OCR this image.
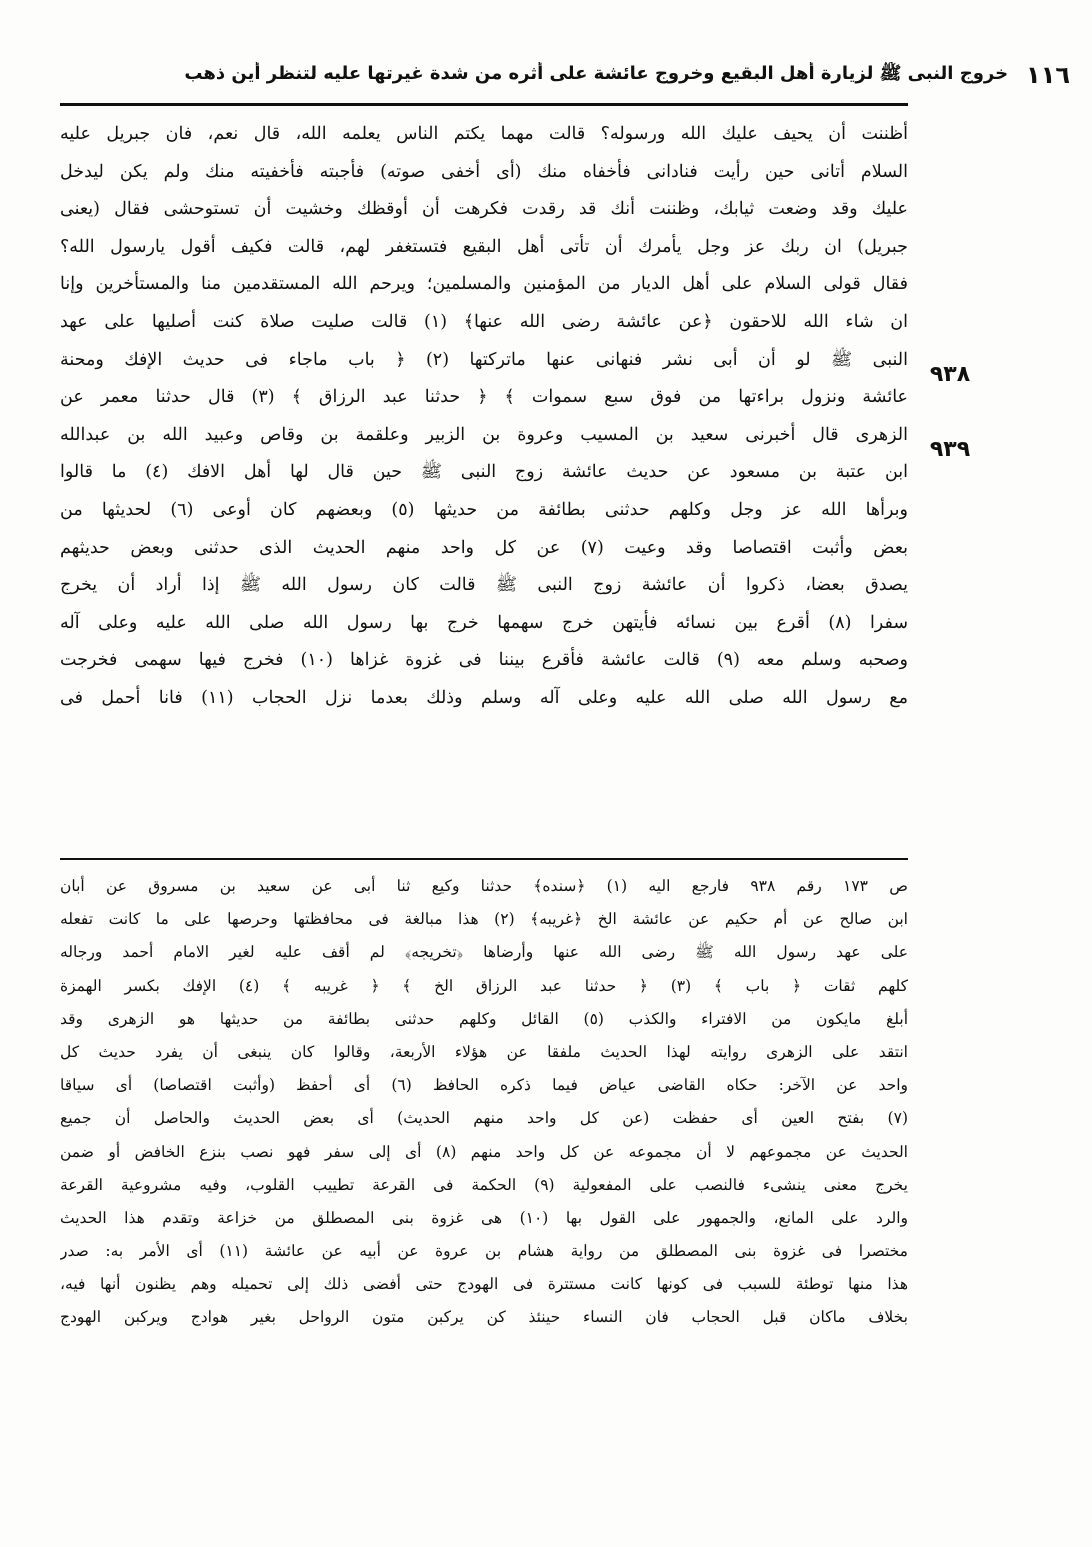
١١٦
خروج النبى ﷺ لزيارة أهل البقيع وخروج عائشة على أثره من شدة غيرتها عليه لتنظر أين ذهب
٩٣٨
٩٣٩
أظننت أن يحيف عليك الله ورسوله؟ قالت مهما يكتم الناس يعلمه الله، قال نعم، فان جبريل عليه
السلام أتانى حين رأيت فنادانى فأخفاه منك (أى أخفى صوته) فأجبته فأخفيته منك ولم يكن ليدخل
عليك وقد وضعت ثيابك، وظننت أنك قد رقدت فكرهت أن أوقظك وخشيت أن تستوحشى فقال (يعنى
جبريل) ان ربك عز وجل يأمرك أن تأتى أهل البقيع فتستغفر لهم، قالت فكيف أقول يارسول الله؟
فقال قولى السلام على أهل الديار من المؤمنين والمسلمين؛ ويرحم الله المستقدمين منا والمستأخرين وإنا
ان شاء الله للاحقون ﴿عن عائشة رضى الله عنها﴾ (١) قالت صليت صلاة كنت أصليها على عهد
النبى ﷺ لو أن أبى نشر فنهانى عنها ماتركتها (٢) ﴿ باب ماجاء فى حديث الإفك ومحنة
عائشة ونزول براءتها من فوق سبع سموات ﴾ ﴿ حدثنا عبد الرزاق ﴾ (٣) قال حدثنا معمر عن
الزهرى قال أخبرنى سعيد بن المسيب وعروة بن الزبير وعلقمة بن وقاص وعبيد الله بن عبدالله
ابن عتبة بن مسعود عن حديث عائشة زوج النبى ﷺ حين قال لها أهل الافك (٤) ما قالوا
وبرأها الله عز وجل وكلهم حدثنى بطائفة من حديثها (٥) وبعضهم كان أوعى (٦) لحديثها من
بعض وأثبت اقتصاصا وقد وعيت (٧) عن كل واحد منهم الحديث الذى حدثنى وبعض حديثهم
يصدق بعضا، ذكروا أن عائشة زوج النبى ﷺ قالت كان رسول الله ﷺ إذا أراد أن يخرج
سفرا (٨) أقرع بين نسائه فأيتهن خرج سهمها خرج بها رسول الله صلى الله عليه وعلى آله
وصحبه وسلم معه (٩) قالت عائشة فأقرع بيننا فى غزوة غزاها (١٠) فخرج فيها سهمى فخرجت
مع رسول الله صلى الله عليه وعلى آله وسلم وذلك بعدما نزل الحجاب (١١) فانا أحمل فى
ص ١٧٣ رقم ٩٣٨ فارجع اليه (١) ﴿سنده﴾ حدثنا وكيع ثنا أبى عن سعيد بن مسروق عن أبان
ابن صالح عن أم حكيم عن عائشة الخ ﴿غريبه﴾ (٢) هذا مبالغة فى محافظتها وحرصها على ما كانت تفعله
على عهد رسول الله ﷺ رضى الله عنها وأرضاها ﴿تخريجه﴾ لم أقف عليه لغير الامام أحمد ورجاله
كلهم ثقات ﴿ باب ﴾ (٣) ﴿ حدثنا عبد الرزاق الخ ﴾ ﴿ غريبه ﴾ (٤) الإفك بكسر الهمزة
أبلغ مايكون من الافتراء والكذب (٥) القائل وكلهم حدثنى بطائفة من حديثها هو الزهرى وقد
انتقد على الزهرى روايته لهذا الحديث ملفقا عن هؤلاء الأربعة، وقالوا كان ينبغى أن يفرد حديث كل
واحد عن الآخر: حكاه القاضى عياض فيما ذكره الحافظ (٦) أى أحفظ (وأثبت اقتصاصا) أى سياقا
(٧) بفتح العين أى حفظت (عن كل واحد منهم الحديث) أى بعض الحديث والحاصل أن جميع
الحديث عن مجموعهم لا أن مجموعه عن كل واحد منهم (٨) أى إلى سفر فهو نصب بنزع الخافض أو ضمن
يخرج معنى ينشىء فالنصب على المفعولية (٩) الحكمة فى القرعة تطييب القلوب، وفيه مشروعية القرعة
والرد على المانع، والجمهور على القول بها (١٠) هى غزوة بنى المصطلق من خزاعة وتقدم هذا الحديث
مختصرا فى غزوة بنى المصطلق من رواية هشام بن عروة عن أبيه عن عائشة (١١) أى الأمر به: صدر
هذا منها توطئة للسبب فى كونها كانت مستترة فى الهودج حتى أفضى ذلك إلى تحميله وهم يظنون أنها فيه،
بخلاف ماكان قبل الحجاب فان النساء حينئذ كن يركبن متون الرواحل بغير هوادج ويركبن الهودج
